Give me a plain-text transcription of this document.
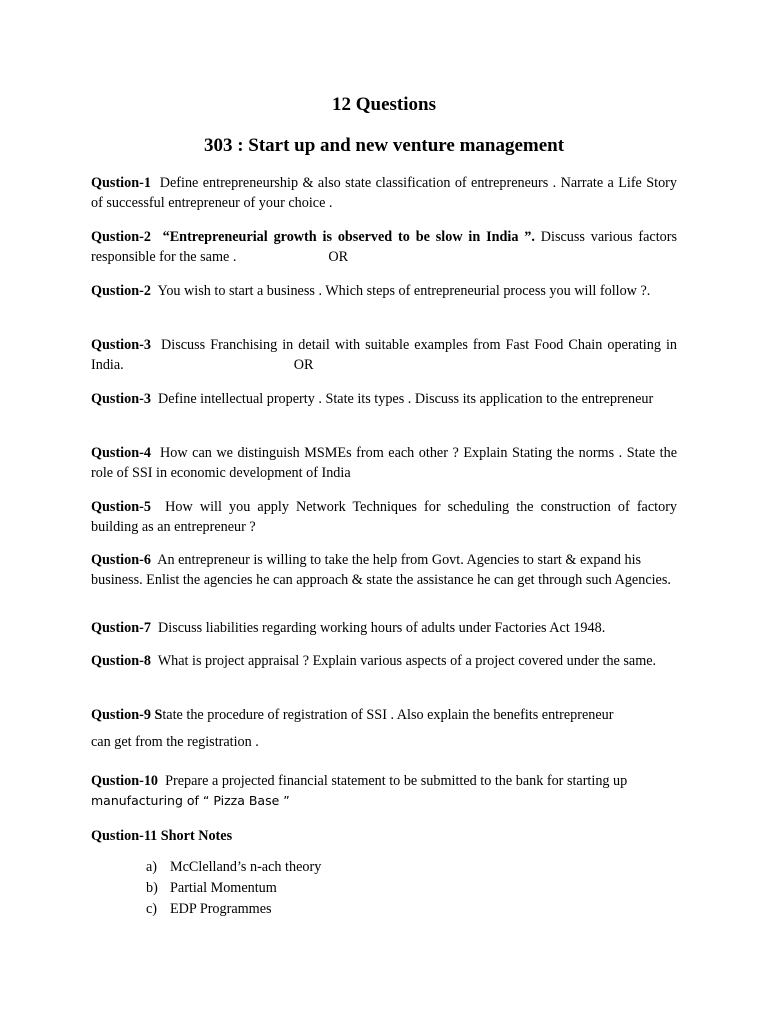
12 Questions
303 : Start up and new venture management
Qustion-1 Define entrepreneurship & also state classification of entrepreneurs . Narrate a Life Story of successful entrepreneur of your choice .
Qustion-2 “Entrepreneurial growth is observed to be slow in India ”. Discuss various factors responsible for the same .	OR
Qustion-2 You wish to start a business . Which steps of entrepreneurial process you will follow ?.
Qustion-3 Discuss Franchising in detail with suitable examples from Fast Food Chain operating in India.	OR
Qustion-3 Define intellectual property . State its types . Discuss its application to the entrepreneur
Qustion-4 How can we distinguish MSMEs from each other ? Explain Stating the norms . State the role of SSI in economic development of India
Qustion-5 How will you apply Network Techniques for scheduling the construction of factory building as an entrepreneur ?
Qustion-6 An entrepreneur is willing to take the help from Govt. Agencies to start & expand his business. Enlist the agencies he can approach & state the assistance he can get through such Agencies.
Qustion-7 Discuss liabilities regarding working hours of adults under Factories Act 1948.
Qustion-8 What is project appraisal ? Explain various aspects of a project covered under the same.
Qustion-9 State the procedure of registration of SSI . Also explain the benefits entrepreneur
can get from the registration .
Qustion-10 Prepare a projected financial statement to be submitted to the bank for starting up
manufacturing of “ Pizza Base ”
Qustion-11 Short Notes
a) McClelland’s n-ach theory
b) Partial Momentum
c) EDP Programmes
